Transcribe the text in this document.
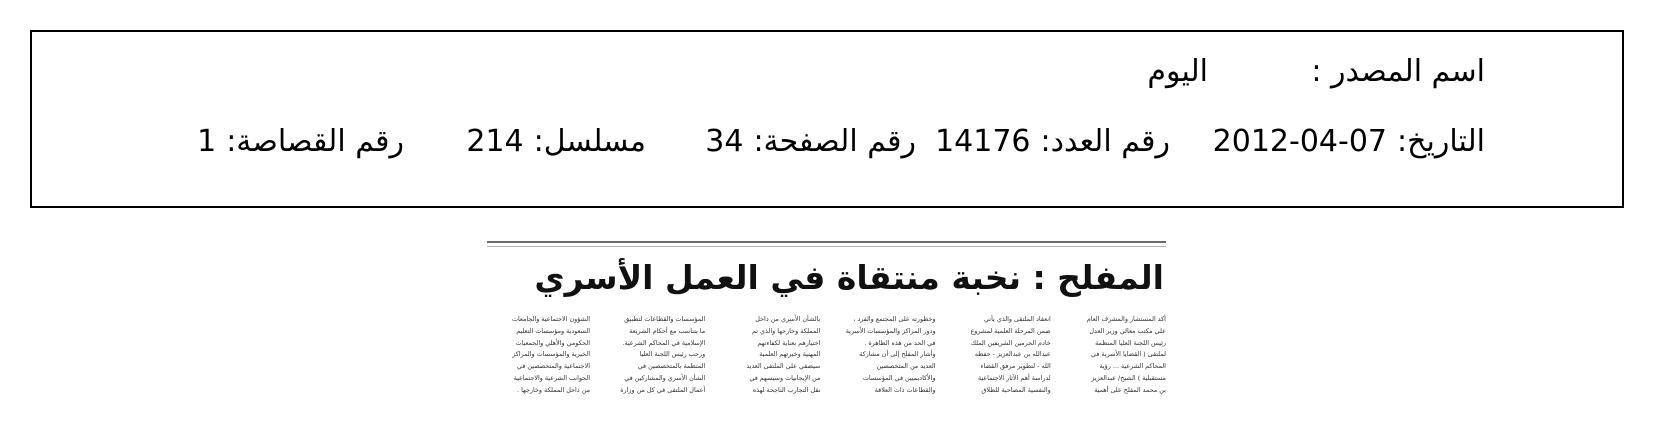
اسم المصدر :
اليوم
2012-04-07 التاريخ:
14176 رقم العدد:
34 رقم الصفحة:
214 مسلسل:
1 رقم القصاصة:
المفلح : نخبة منتقاة في العمل الأسري
أكد المستشار والمشرف العام
على مكتب معالي وزير العدل
رئيس اللجنة العليا المنظمة
لملتقى ( القضايا الأسرية في
المحاكم الشرعية ... رؤية
مستقبلية ) الشيخ/ عبدالعزيز
بن محمد المفلح على أهمية
انعقاد الملتقى والذي يأتي
ضمن المرحلة العلمية لمشروع
خادم الحرمين الشريفين الملك
عبدالله بن عبدالعزيز - حفظه
الله - لتطوير مرفق القضاء
لدراسة أهم الآثار الاجتماعية
والنفسية المصاحبة للطلاق
وخطورته على المجتمع والفرد ،
ودور المراكز والمؤسسات الأسرية
في الحد من هذه الظاهرة .
وأشار المفلح إلى أن مشاركة
العديد من المتخصصين
والأكاديميين في المؤسسات
والقطاعات ذات العلاقة
بالشأن الأسري من داخل
المملكة وخارجها والذي تم
اختيارهم بعناية لكفاءتهم
المهنية وخبرتهم العلمية
سيضفي على الملتقى العديد
من الإيجابيات وسيسهم في
نقل التجارب الناجحة لهذه
المؤسسات والقطاعات لتطبيق
ما يتناسب مع أحكام الشريعة
الإسلامية في المحاكم الشرعية.
ورحب رئيس اللجنة العليا
المنظمة بالمتخصصين في
الشأن الأسري والمشاركين في
أعمال الملتقى في كل من وزارة
الشؤون الاجتماعية والجامعات
السعودية ومؤسسات التعليم
الحكومي والأهلي والجمعيات
الخيرية والمؤسسات والمراكز
الاجتماعية والمتخصصين في
الجوانب الشرعية والاجتماعية
من داخل المملكة وخارجها .
